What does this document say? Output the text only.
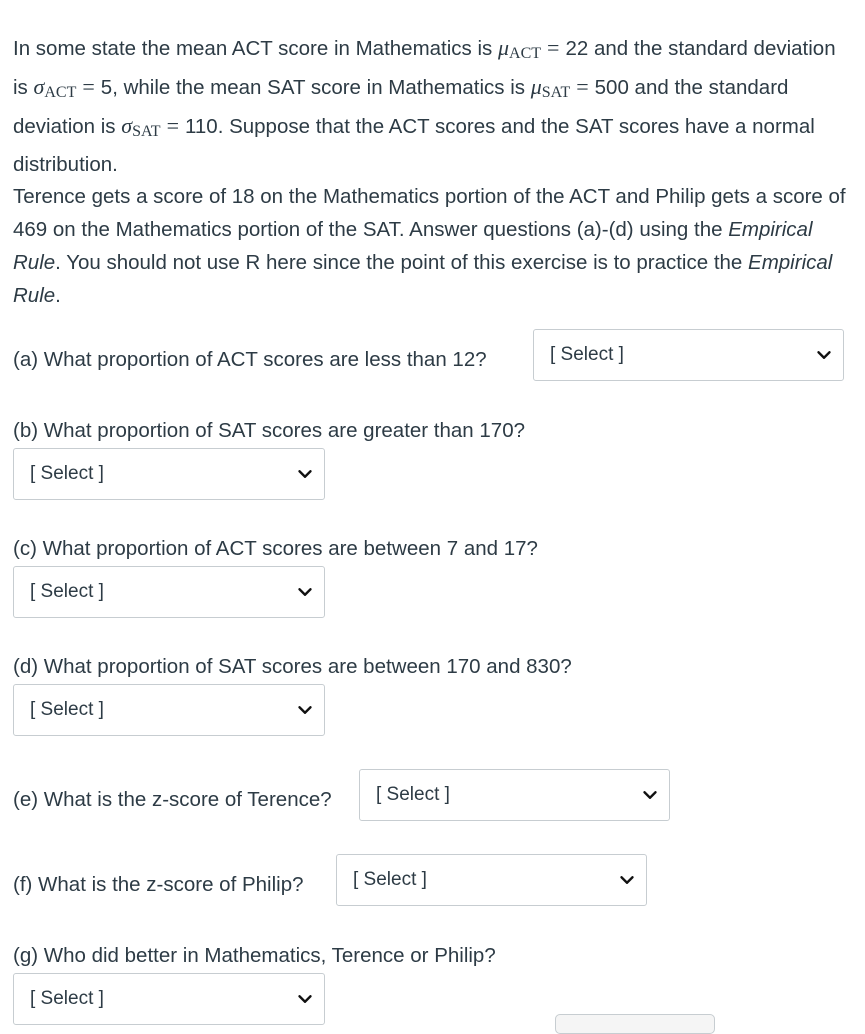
In some state the mean ACT score in Mathematics is μACT = 22 and the standard deviation is σACT = 5, while the mean SAT score in Mathematics is μSAT = 500 and the standard deviation is σSAT = 110. Suppose that the ACT scores and the SAT scores have a normal distribution.

Terence gets a score of 18 on the Mathematics portion of the ACT and Philip gets a score of 469 on the Mathematics portion of the SAT. Answer questions (a)-(d) using the Empirical Rule. You should not use R here since the point of this exercise is to practice the Empirical Rule.

(a) What proportion of ACT scores are less than 12?	[ Select ]
(b) What proportion of SAT scores are greater than 170?
[ Select ]
(c) What proportion of ACT scores are between 7 and 17?
[ Select ]
(d) What proportion of SAT scores are between 170 and 830?
[ Select ]
(e) What is the z-score of Terence?	[ Select ]
(f) What is the z-score of Philip?	[ Select ]
(g) Who did better in Mathematics, Terence or Philip?
[ Select ]
